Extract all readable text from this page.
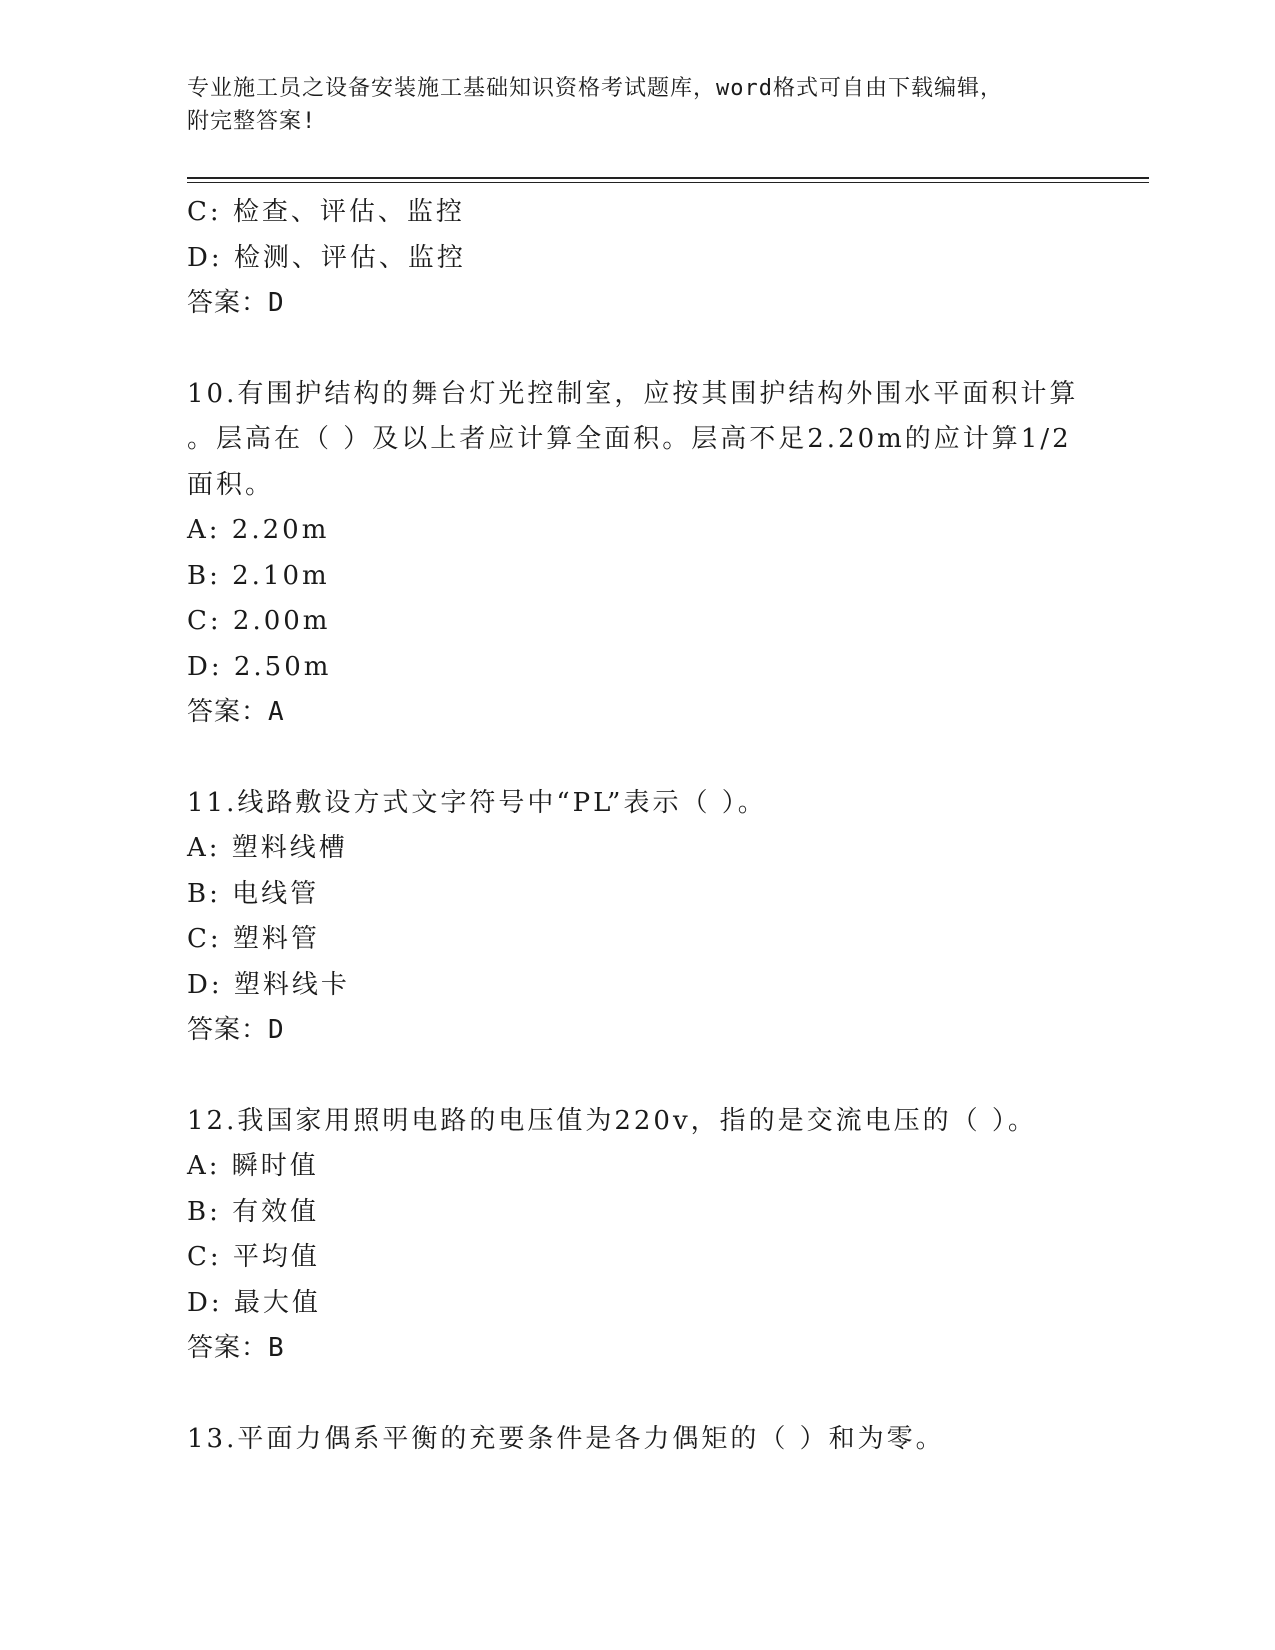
专业施工员之设备安装施工基础知识资格考试题库，word格式可自由下载编辑，
附完整答案!
C: 检查、评估、监控
D: 检测、评估、监控
答案：D
10.有围护结构的舞台灯光控制室，应按其围护结构外围水平面积计算
。层高在（ ）及以上者应计算全面积。层高不足2.20m的应计算1/2
面积。
A: 2.20m
B: 2.10m
C: 2.00m
D: 2.50m
答案：A
11.线路敷设方式文字符号中“PL”表示（ ）。
A: 塑料线槽
B: 电线管
C: 塑料管
D: 塑料线卡
答案：D
12.我国家用照明电路的电压值为220v，指的是交流电压的（ ）。
A: 瞬时值
B: 有效值
C: 平均值
D: 最大值
答案：B
13.平面力偶系平衡的充要条件是各力偶矩的（ ）和为零。
